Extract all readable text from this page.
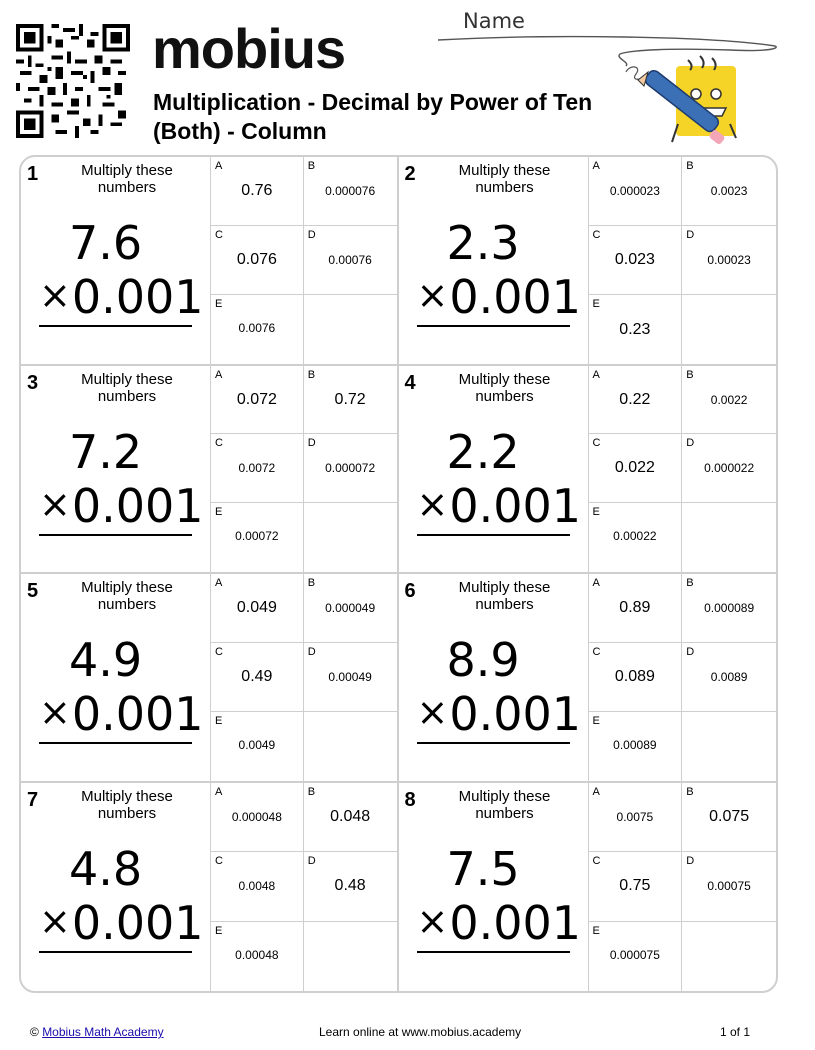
mobius
Multiplication - Decimal by Power of Ten
(Both) - Column
Name
1	Multiply these numbers
7.6
×0.001
A
0.76
B
0.000076
C
0.076
D
0.00076
E
0.0076
2	Multiply these numbers
2.3
×0.001
A
0.000023
B
0.0023
C
0.023
D
0.00023
E
0.23
3	Multiply these numbers
7.2
×0.001
A
0.072
B
0.72
C
0.0072
D
0.000072
E
0.00072
4	Multiply these numbers
2.2
×0.001
A
0.22
B
0.0022
C
0.022
D
0.000022
E
0.00022
5	Multiply these numbers
4.9
×0.001
A
0.049
B
0.000049
C
0.49
D
0.00049
E
0.0049
6	Multiply these numbers
8.9
×0.001
A
0.89
B
0.000089
C
0.089
D
0.0089
E
0.00089
7	Multiply these numbers
4.8
×0.001
A
0.000048
B
0.048
C
0.0048
D
0.48
E
0.00048
8	Multiply these numbers
7.5
×0.001
A
0.0075
B
0.075
C
0.75
D
0.00075
E
0.000075
© Mobius Math Academy	Learn online at www.mobius.academy	1 of 1
